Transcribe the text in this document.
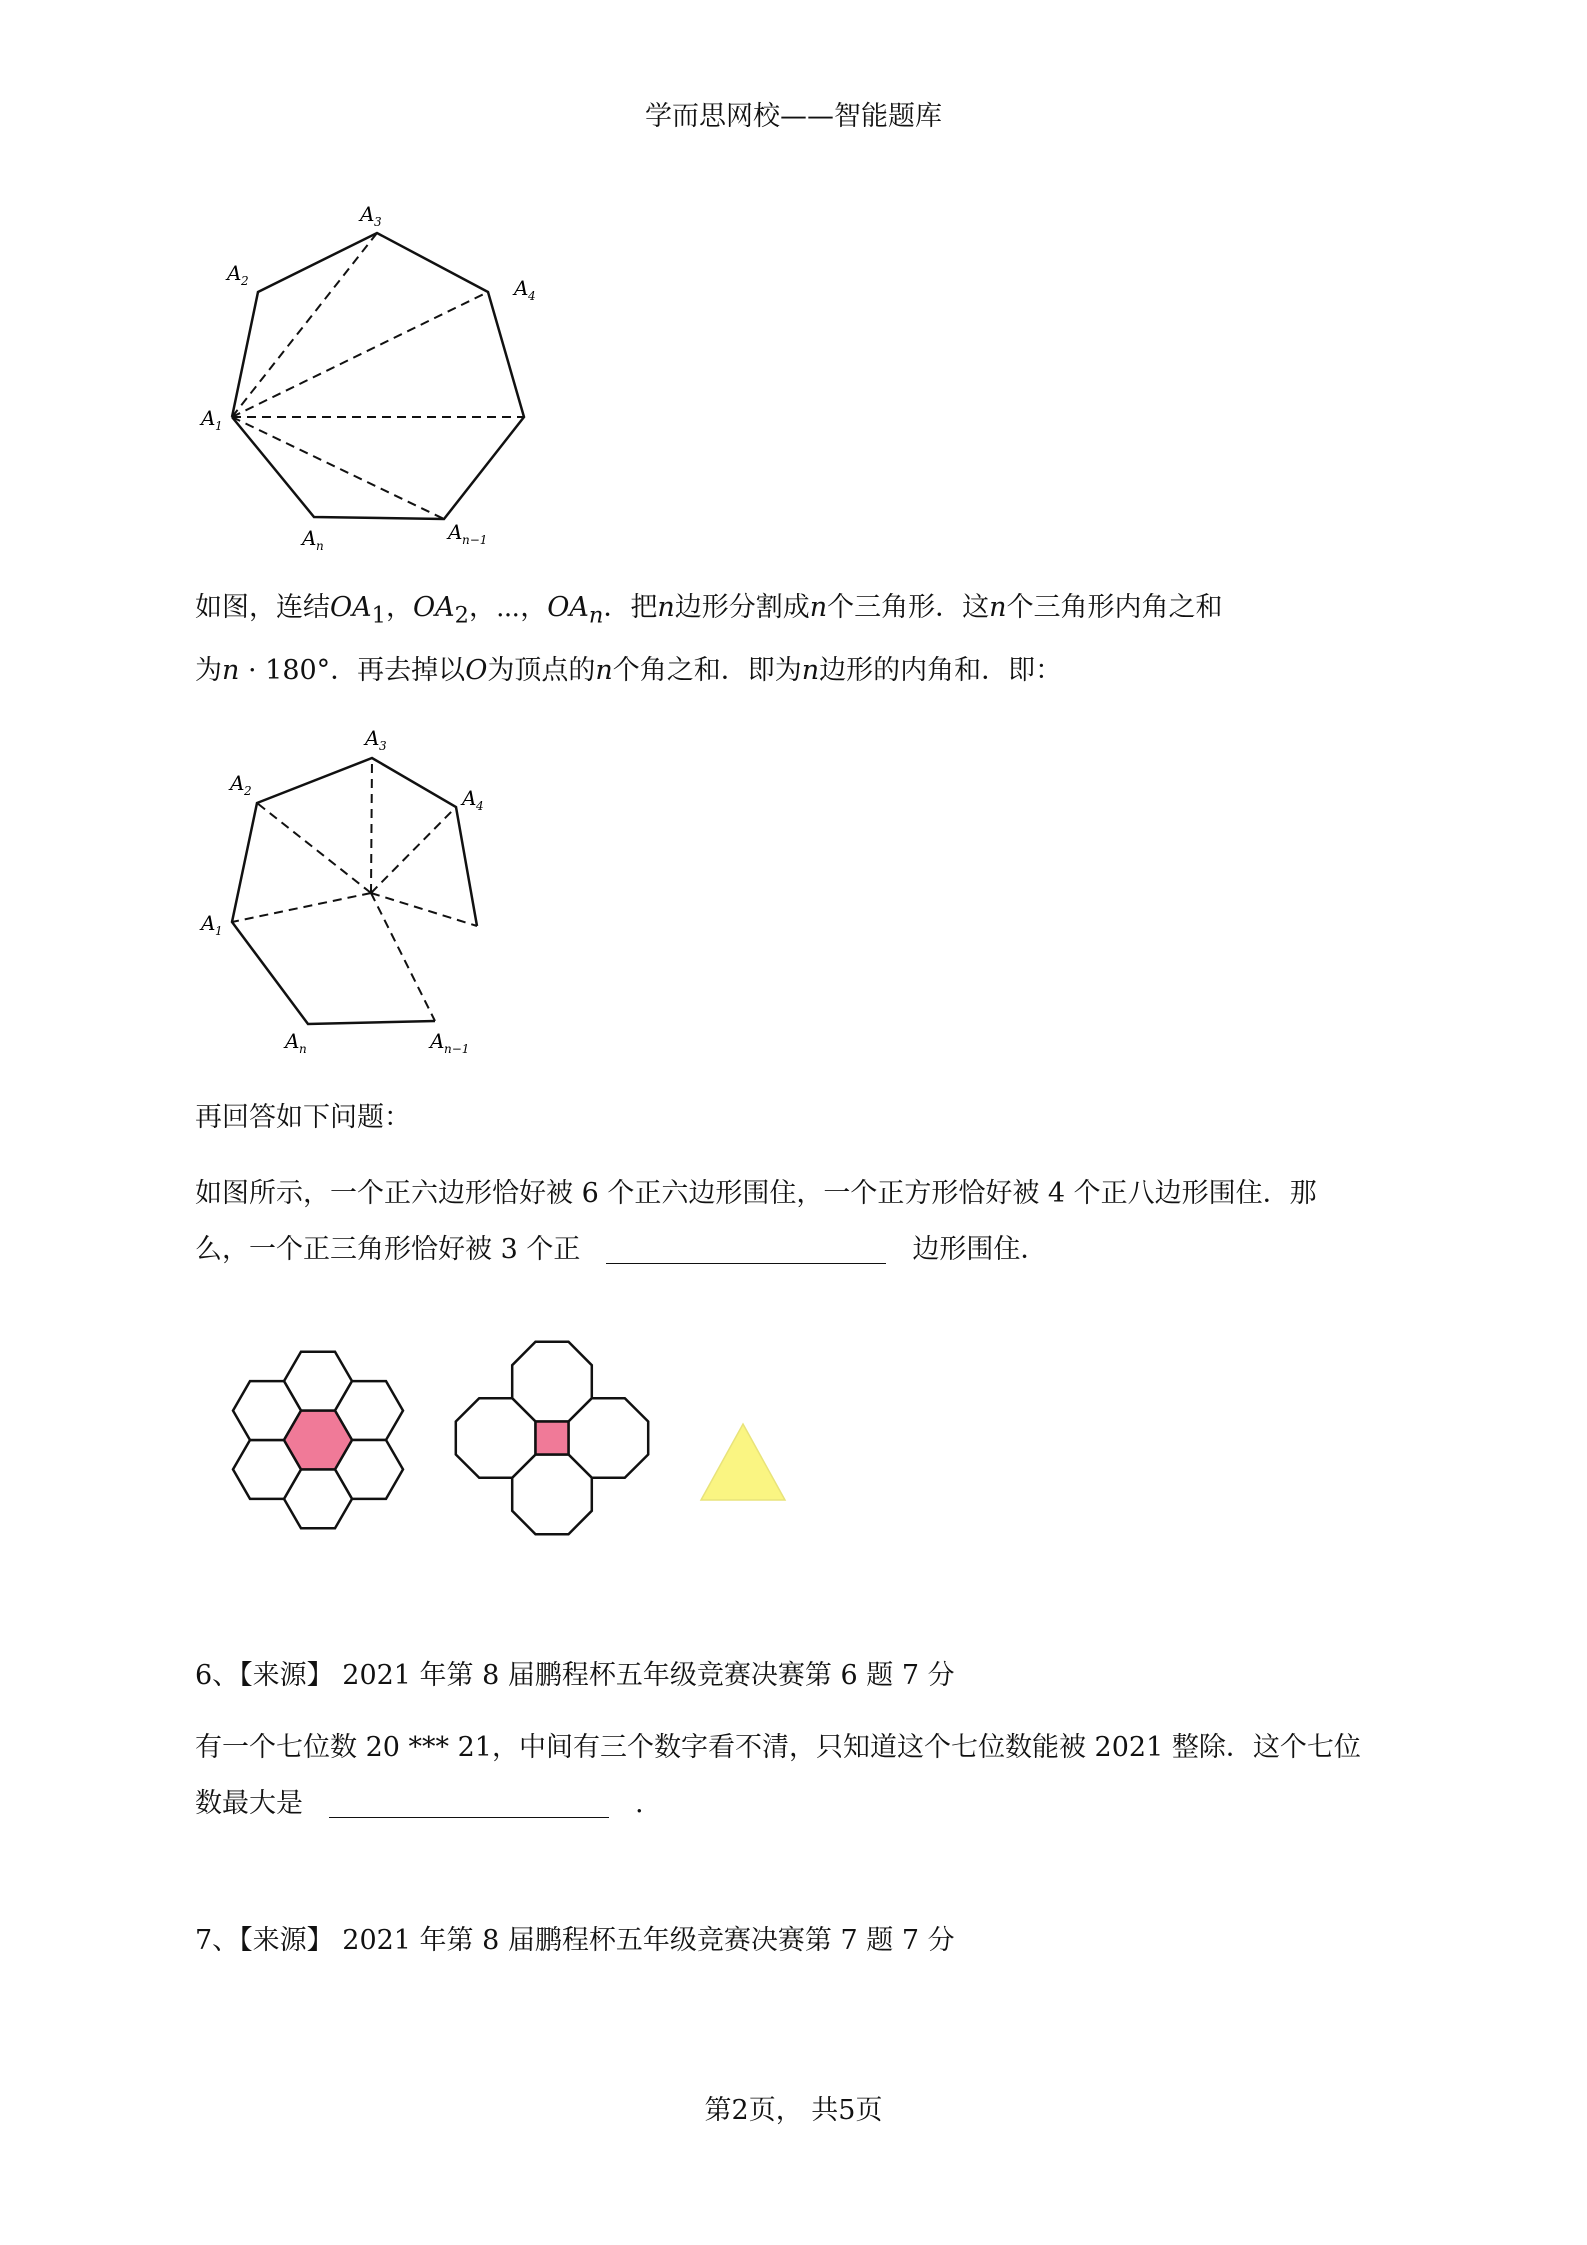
学而思网校——智能题库
A 3
A 2	A 4
A 1
A n
A n−1
如图，连结$OA_1$，$OA_2$，⋯，$OA_n$．把n边形分割成n个三角形．这n个三角形内角之和
为n · 180°．再去掉以O为顶点的n个角之和．即为n边形的内角和．即：
A 3
A 2	A 4
A 1
A n	A n−1
再回答如下问题：
如图所示，一个正六边形恰好被 6 个正六边形围住，一个正方形恰好被 4 个正八边形围住．那
么，一个正三角形恰好被 3 个正	边形围住．
6、【来源】 2021 年第 8 届鹏程杯五年级竞赛决赛第 6 题 7 分
有一个七位数 20 *** 21，中间有三个数字看不清，只知道这个七位数能被 2021 整除．这个七位
数最大是	.
7、【来源】 2021 年第 8 届鹏程杯五年级竞赛决赛第 7 题 7 分
第2页， 共5页
